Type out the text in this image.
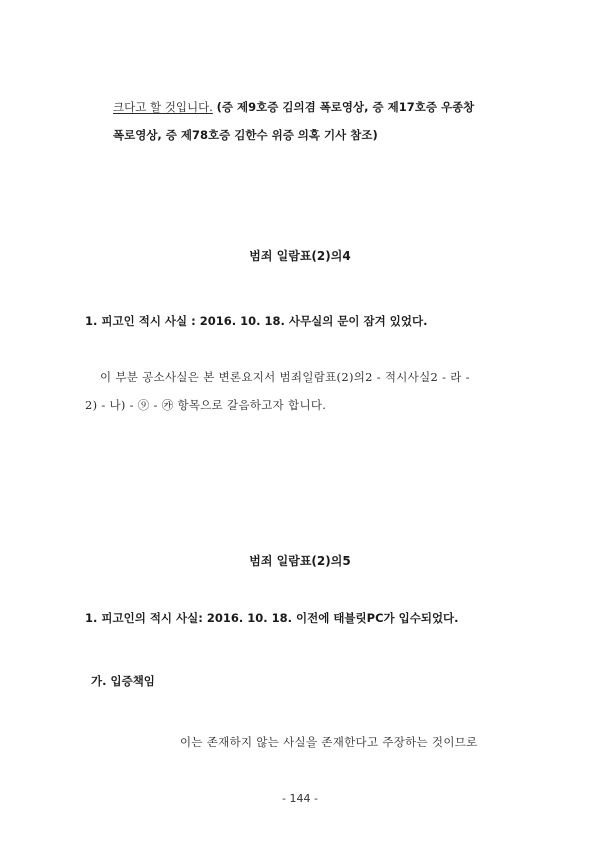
크다고 할 것입니다. (증 제9호증 김의겸 폭로영상, 증 제17호증 우종창
폭로영상, 증 제78호증 김한수 위증 의혹 기사 참조)
범죄 일람표(2)의4
1. 피고인 적시 사실 : 2016. 10. 18. 사무실의 문이 잠겨 있었다.
이 부분 공소사실은 본 변론요지서 범죄일람표(2)의2 - 적시사실2 - 라 -
2) - 나) - ⑨ - ㉮ 항목으로 갈음하고자 합니다.
범죄 일람표(2)의5
1. 피고인의 적시 사실: 2016. 10. 18. 이전에 태블릿PC가 입수되었다.
가. 입증책임
이는 존재하지 않는 사실을 존재한다고 주장하는 것이므로
- 144 -
